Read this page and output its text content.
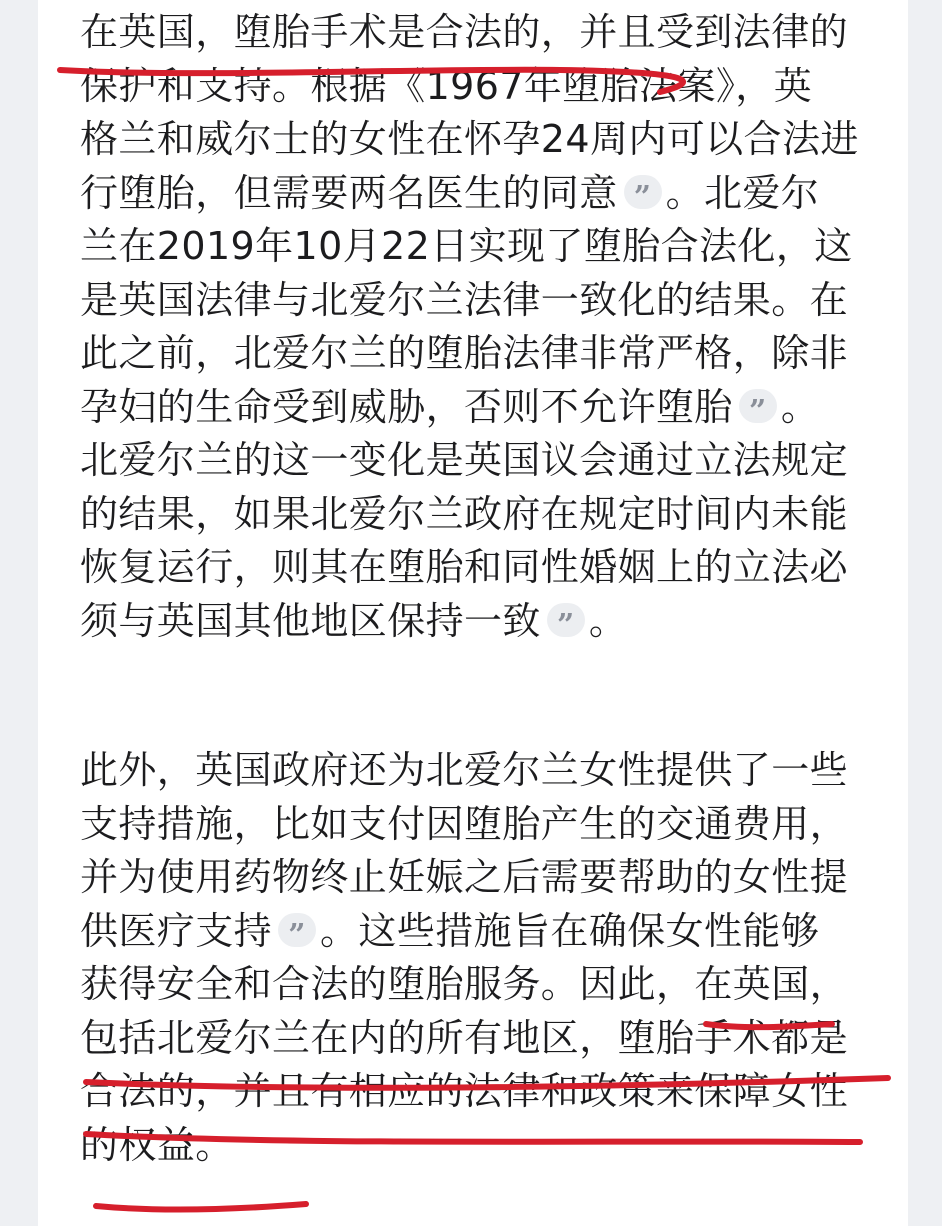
在英国，堕胎手术是合法的，并且受到法律的
保护和支持。根据《1967年堕胎法案》，英
格兰和威尔士的女性在怀孕24周内可以合法进
行堕胎，但需要两名医生的同意 ” 。北爱尔
兰在2019年10月22日实现了堕胎合法化，这
是英国法律与北爱尔兰法律一致化的结果。在
此之前，北爱尔兰的堕胎法律非常严格，除非
孕妇的生命受到威胁，否则不允许堕胎 ” 。
北爱尔兰的这一变化是英国议会通过立法规定
的结果，如果北爱尔兰政府在规定时间内未能
恢复运行，则其在堕胎和同性婚姻上的立法必
须与英国其他地区保持一致 ” 。
此外，英国政府还为北爱尔兰女性提供了一些
支持措施，比如支付因堕胎产生的交通费用，
并为使用药物终止妊娠之后需要帮助的女性提
供医疗支持 ” 。这些措施旨在确保女性能够
获得安全和合法的堕胎服务。因此，在英国，
包括北爱尔兰在内的所有地区，堕胎手术都是
合法的，并且有相应的法律和政策来保障女性
的权益。
